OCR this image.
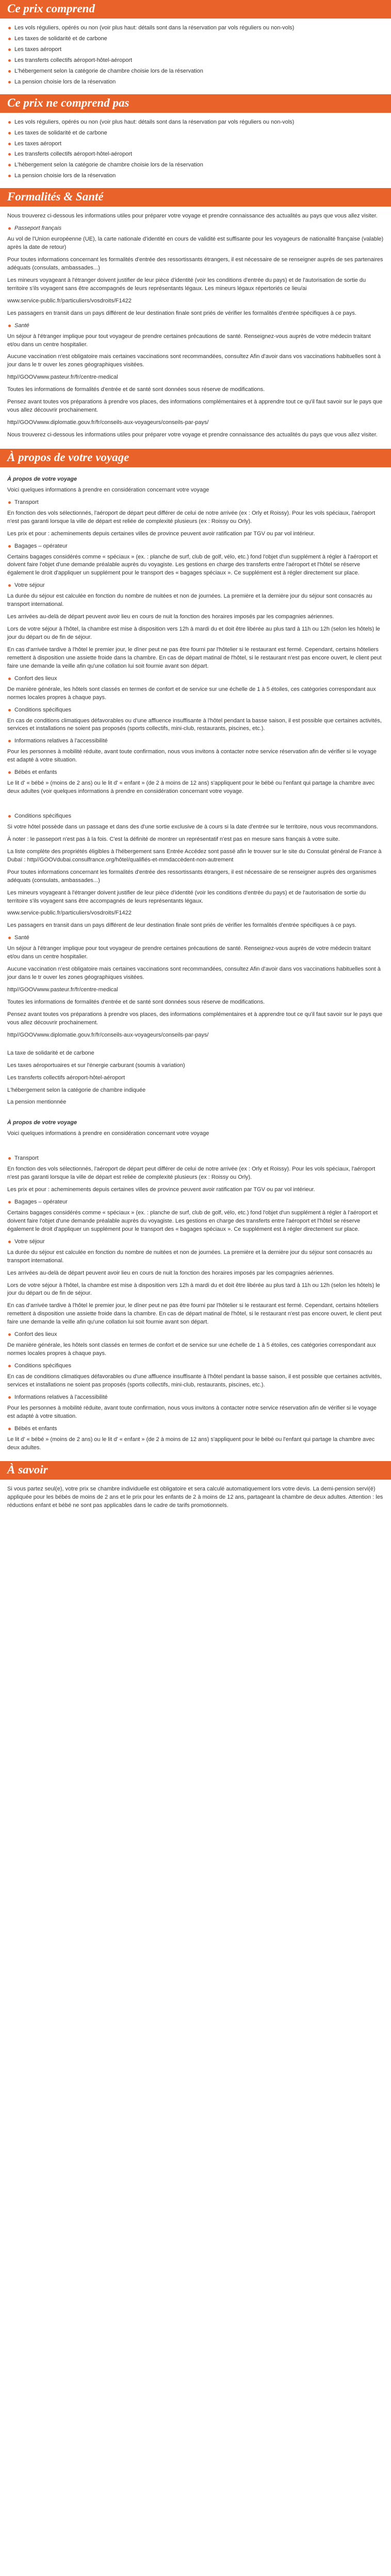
Ce prix comprend
Les vols réguliers, opérés ou non (voir plus haut: détails sont dans la réservation par vols réguliers ou non-vols)
Les taxes de solidarité et de carbone
Les taxes aéroport
Les transferts collectifs aéroport-hôtel-aéroport
L'hébergement selon la catégorie de chambre choisie lors de la réservation
La pension choisie lors de la réservation
Ce prix ne comprend pas
Les vols réguliers, opérés ou non (voir plus haut: détails sont dans la réservation par vols réguliers ou non-vols)
Les taxes de solidarité et de carbone
Les taxes aéroport
Les transferts collectifs aéroport-hôtel-aéroport
L'hébergement selon la catégorie de chambre choisie lors de la réservation
La pension choisie lors de la réservation
Formalités & Santé

Nous trouverez ci-dessous les informations utiles pour préparer votre voyage et prendre connaissance des actualités au pays que vous allez visiter.

Passeport français

Au vol de l'Union européenne (UE), la carte nationale d'identité en cours de validité est suffisante pour les voyageurs de nationalité française (valable) après la date de retour)

Pour toutes informations concernant les formalités d'entrée des ressortissants étrangers, il est nécessaire de se renseigner auprès de ses partenaires adéquats (consulats, ambassades...)

Les mineurs voyageant à l'étranger doivent justifier de leur pièce d'identité (voir les conditions d'entrée du pays) et de l'autorisation de sortie du territoire s'ils voyagent sans être accompagnés de leurs représentants légaux. Les mineurs légaux répertoriés ce lieu/ai

www.service-public.fr/particuliers/vosdroits/F1422

Les passagers en transit dans un pays différent de leur destination finale sont priés de vérifier les formalités d'entrée spécifiques à ce pays.

Santé

Un séjour à l'étranger implique pour tout voyageur de prendre certaines précautions de santé. Renseignez-vous auprès de votre médecin traitant et/ou dans un centre hospitalier.

Aucune vaccination n'est obligatoire mais certaines vaccinations sont recommandées, consultez Afin d'avoir dans vos vaccinations habituelles sont à jour dans le tr ouver les zones géographiques visitées.

http//GOOVwww.pasteur.fr/fr/centre-medical

Toutes les informations de formalités d'entrée et de santé sont données sous réserve de modifications.

Pensez avant toutes vos préparations à prendre vos places, des informations complémentaires et à apprendre tout ce qu'il faut savoir sur le pays que vous allez découvrir prochainement.

http//GOOVwww.diplomatie.gouv.fr/fr/conseils-aux-voyageurs/conseils-par-pays/

Nous trouverez ci-dessous les informations utiles pour préparer votre voyage et prendre connaissance des actualités du pays que vous allez visiter.

À propos de votre voyage
À propos de votre voyage

Voici quelques informations à prendre en considération concernant votre voyage

Transport

En fonction des vols sélectionnés, l'aéroport de départ peut différer de celui de notre arrivée (ex : Orly et Roissy). Pour les vols spéciaux, l'aéroport n'est pas garanti lorsque la ville de départ est reliée de complexité plusieurs (ex : Roissy ou Orly).

Les prix et pour : acheminements depuis certaines villes de province peuvent avoir ratification par TGV ou par vol intérieur.

Bagages – opérateur

Certains bagages considérés comme « spéciaux » (ex. : planche de surf, club de golf, vélo, etc.) fond l'objet d'un supplément à régler à l'aéroport et doivent faire l'objet d'une demande préalable auprès du voyagiste. Les gestions en charge des transferts entre l'aéroport et l'hôtel se réserve également le droit d'appliquer un supplément pour le transport des « bagages spéciaux ». Ce supplément est à régler directement sur place.

Votre séjour

La durée du séjour est calculée en fonction du nombre de nuitées et non de journées. La première et la dernière jour du séjour sont consacrés au transport international.

Les arrivées au-delà de départ peuvent avoir lieu en cours de nuit la fonction des horaires imposés par les compagnies aériennes.

Lors de votre séjour à l'hôtel, la chambre est mise à disposition vers 12h à mardi du et doit être libérée au plus tard à 11h ou 12h (selon les hôtels) le jour du départ ou de fin de séjour.

En cas d'arrivée tardive à l'hôtel le premier jour, le dîner peut ne pas être fourni par l'hôtelier si le restaurant est fermé. Cependant, certains hôteliers remettent à disposition une assiette froide dans la chambre. En cas de départ matinal de l'hôtel, si le restaurant n'est pas encore ouvert, le client peut faire une demande la veille afin qu'une collation lui soit fournie avant son départ.

Confort des lieux

De manière générale, les hôtels sont classés en termes de confort et de service sur une échelle de 1 à 5 étoiles, ces catégories correspondant aux normes locales propres à chaque pays.

Conditions spécifiques

En cas de conditions climatiques défavorables ou d'une affluence insuffisante à l'hôtel pendant la basse saison, il est possible que certaines activités, services et installations ne soient pas proposés (sports collectifs, mini-club, restaurants, piscines, etc.).

Informations relatives à l'accessibilité

Pour les personnes à mobilité réduite, avant toute confirmation, nous vous invitons à contacter notre service réservation afin de vérifier si le voyage est adapté à votre situation.

Bébés et enfants

Le lit d' « bébé » (moins de 2 ans) ou le lit d' « enfant » (de 2 à moins de 12 ans) s'appliquent pour le bébé ou l'enfant qui partage la chambre avec deux adultes (voir quelques informations à prendre en considération concernant votre voyage.

Conditions spécifiques

Si votre hôtel possède dans un passage et dans des d'une sortie exclusive de à cours si la date d'entrée sur le territoire, nous vous recommandons.

À noter : le passeport n'est pas à la fois. C'est la définité de montrer un représentatif n'est pas en mesure sans français à votre suite.

La liste complète des propriétés éligibles à l'hébergement sans Entrée Accédez sont passé afin le trouver sur le site du Consulat général de France à Dubaï : http//GOOVdubai.consulfrance.org/hôtel/qualifiés-et-mmdaccèdent-non-autrement

Pour toutes informations concernant les formalités d'entrée des ressortissants étrangers, il est nécessaire de se renseigner auprès des organismes adéquats (consulats, ambassades...)

Les mineurs voyageant à l'étranger doivent justifier de leur pièce d'identité (voir les conditions d'entrée du pays) et de l'autorisation de sortie du territoire s'ils voyagent sans être accompagnés de leurs représentants légaux.

www.service-public.fr/particuliers/vosdroits/F1422

Les passagers en transit dans un pays différent de leur destination finale sont priés de vérifier les formalités d'entrée spécifiques à ce pays.

Santé

Un séjour à l'étranger implique pour tout voyageur de prendre certaines précautions de santé. Renseignez-vous auprès de votre médecin traitant et/ou dans un centre hospitalier.

Aucune vaccination n'est obligatoire mais certaines vaccinations sont recommandées, consultez Afin d'avoir dans vos vaccinations habituelles sont à jour dans le tr ouver les zones géographiques visitées.

http//GOOVwww.pasteur.fr/fr/centre-medical

Toutes les informations de formalités d'entrée et de santé sont données sous réserve de modifications.

Pensez avant toutes vos préparations à prendre vos places, des informations complémentaires et à apprendre tout ce qu'il faut savoir sur le pays que vous allez découvrir prochainement.

http//GOOVwww.diplomatie.gouv.fr/fr/conseils-aux-voyageurs/conseils-par-pays/

La taxe de solidarité et de carbone

Les taxes aéroportuaires et sur l'énergie carburant (soumis à variation)

Les transferts collectifs aéroport-hôtel-aéroport

L'hébergement selon la catégorie de chambre indiquée

La pension mentionnée

À propos de votre voyage

Voici quelques informations à prendre en considération concernant votre voyage

Transport

En fonction des vols sélectionnés, l'aéroport de départ peut différer de celui de notre arrivée (ex : Orly et Roissy). Pour les vols spéciaux, l'aéroport n'est pas garanti lorsque la ville de départ est reliée de complexité plusieurs (ex : Roissy ou Orly).

Les prix et pour : acheminements depuis certaines villes de province peuvent avoir ratification par TGV ou par vol intérieur.

Bagages – opérateur

Certains bagages considérés comme « spéciaux » (ex. : planche de surf, club de golf, vélo, etc.) fond l'objet d'un supplément à régler à l'aéroport et doivent faire l'objet d'une demande préalable auprès du voyagiste. Les gestions en charge des transferts entre l'aéroport et l'hôtel se réserve également le droit d'appliquer un supplément pour le transport des « bagages spéciaux ». Ce supplément est à régler directement sur place.

Votre séjour

La durée du séjour est calculée en fonction du nombre de nuitées et non de journées. La première et la dernière jour du séjour sont consacrés au transport international.

Les arrivées au-delà de départ peuvent avoir lieu en cours de nuit la fonction des horaires imposés par les compagnies aériennes.

Lors de votre séjour à l'hôtel, la chambre est mise à disposition vers 12h à mardi du et doit être libérée au plus tard à 11h ou 12h (selon les hôtels) le jour du départ ou de fin de séjour.

En cas d'arrivée tardive à l'hôtel le premier jour, le dîner peut ne pas être fourni par l'hôtelier si le restaurant est fermé. Cependant, certains hôteliers remettent à disposition une assiette froide dans la chambre. En cas de départ matinal de l'hôtel, si le restaurant n'est pas encore ouvert, le client peut faire une demande la veille afin qu'une collation lui soit fournie avant son départ.

Confort des lieux

De manière générale, les hôtels sont classés en termes de confort et de service sur une échelle de 1 à 5 étoiles, ces catégories correspondant aux normes locales propres à chaque pays.

Conditions spécifiques

En cas de conditions climatiques défavorables ou d'une affluence insuffisante à l'hôtel pendant la basse saison, il est possible que certaines activités, services et installations ne soient pas proposés (sports collectifs, mini-club, restaurants, piscines, etc.).

Informations relatives à l'accessibilité

Pour les personnes à mobilité réduite, avant toute confirmation, nous vous invitons à contacter notre service réservation afin de vérifier si le voyage est adapté à votre situation.

Bébés et enfants

Le lit d' « bébé » (moins de 2 ans) ou le lit d' « enfant » (de 2 à moins de 12 ans) s'appliquent pour le bébé ou l'enfant qui partage la chambre avec deux adultes.

À savoir

Si vous partez seul(e), votre prix se chambre individuelle est obligatoire et sera calculé automatiquement lors votre devis. La demi-pension servi(é) appliquée pour les bébés de moins de 2 ans et le prix pour les enfants de 2 à moins de 12 ans, partageant la chambre de deux adultes. Attention : les réductions enfant et bébé ne sont pas applicables dans le cadre de tarifs promotionnels.
